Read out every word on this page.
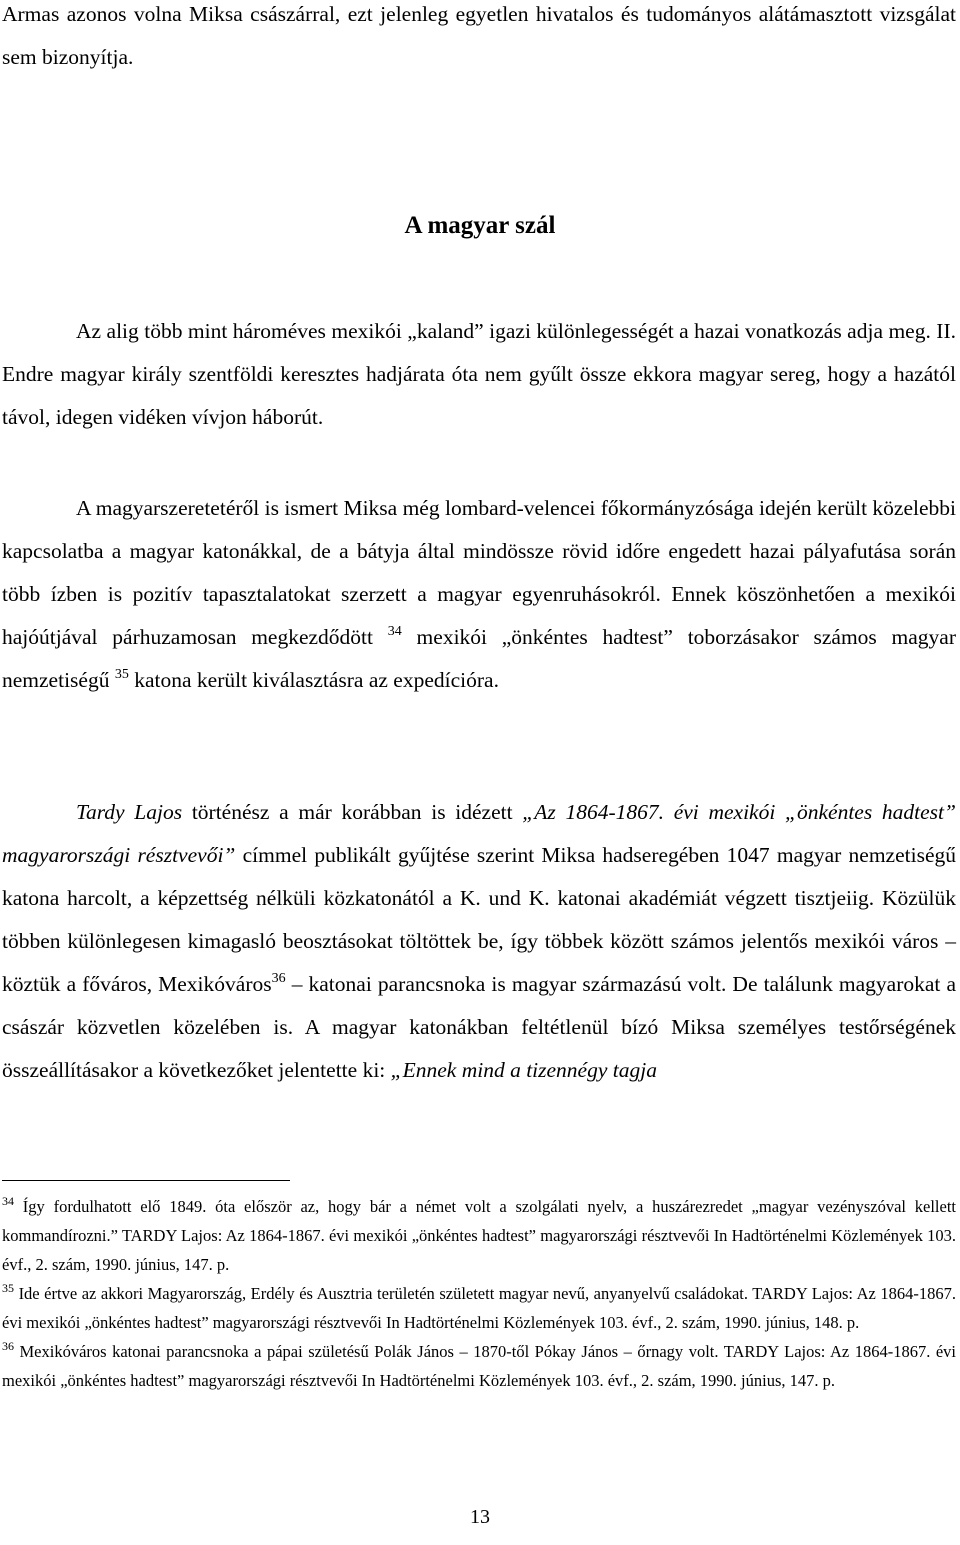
Armas azonos volna Miksa császárral, ezt jelenleg egyetlen hivatalos és tudományos alátámasztott vizsgálat sem bizonyítja.

A magyar szál

Az alig több mint hároméves mexikói „kaland” igazi különlegességét a hazai vonatkozás adja meg. II. Endre magyar király szentföldi keresztes hadjárata óta nem gyűlt össze ekkora magyar sereg, hogy a hazától távol, idegen vidéken vívjon háborút.

A magyarszeretetéről is ismert Miksa még lombard-velencei főkormányzósága idején került közelebbi kapcsolatba a magyar katonákkal, de a bátyja által mindössze rövid időre engedett hazai pályafutása során több ízben is pozitív tapasztalatokat szerzett a magyar egyenruhásokról. Ennek köszönhetően a mexikói hajóútjával párhuzamosan megkezdődött $^{34}$ mexikói „önkéntes hadtest” toborzásakor számos magyar nemzetiségű $^{35}$ katona került kiválasztásra az expedícióra.

Tardy Lajos történész a már korábban is idézett „Az 1864-1867. évi mexikói „önkéntes hadtest” magyarországi résztvevői” címmel publikált gyűjtése szerint Miksa hadseregében 1047 magyar nemzetiségű katona harcolt, a képzettség nélküli közkatonától a K. und K. katonai akadémiát végzett tisztjeiig. Közülük többen különlegesen kimagasló beosztásokat töltöttek be, így többek között számos jelentős mexikói város – köztük a főváros, Mexikóváros$^{36}$ – katonai parancsnoka is magyar származású volt. De találunk magyarokat a császár közvetlen közelében is. A magyar katonákban feltétlenül bízó Miksa személyes testőrségének összeállításakor a következőket jelentette ki: „Ennek mind a tizennégy tagja

$^{34}$ Így fordulhatott elő 1849. óta először az, hogy bár a német volt a szolgálati nyelv, a huszárezredet „magyar vezényszóval kellett kommandírozni.” TARDY Lajos: Az 1864-1867. évi mexikói „önkéntes hadtest” magyarországi résztvevői In Hadtörténelmi Közlemények 103. évf., 2. szám, 1990. június, 147. p.

$^{35}$ Ide értve az akkori Magyarország, Erdély és Ausztria területén született magyar nevű, anyanyelvű családokat. TARDY Lajos: Az 1864-1867. évi mexikói „önkéntes hadtest” magyarországi résztvevői In Hadtörténelmi Közlemények 103. évf., 2. szám, 1990. június, 148. p.

$^{36}$ Mexikóváros katonai parancsnoka a pápai születésű Polák János – 1870-től Pókay János – őrnagy volt. TARDY Lajos: Az 1864-1867. évi mexikói „önkéntes hadtest” magyarországi résztvevői In Hadtörténelmi Közlemények 103. évf., 2. szám, 1990. június, 147. p.

13
